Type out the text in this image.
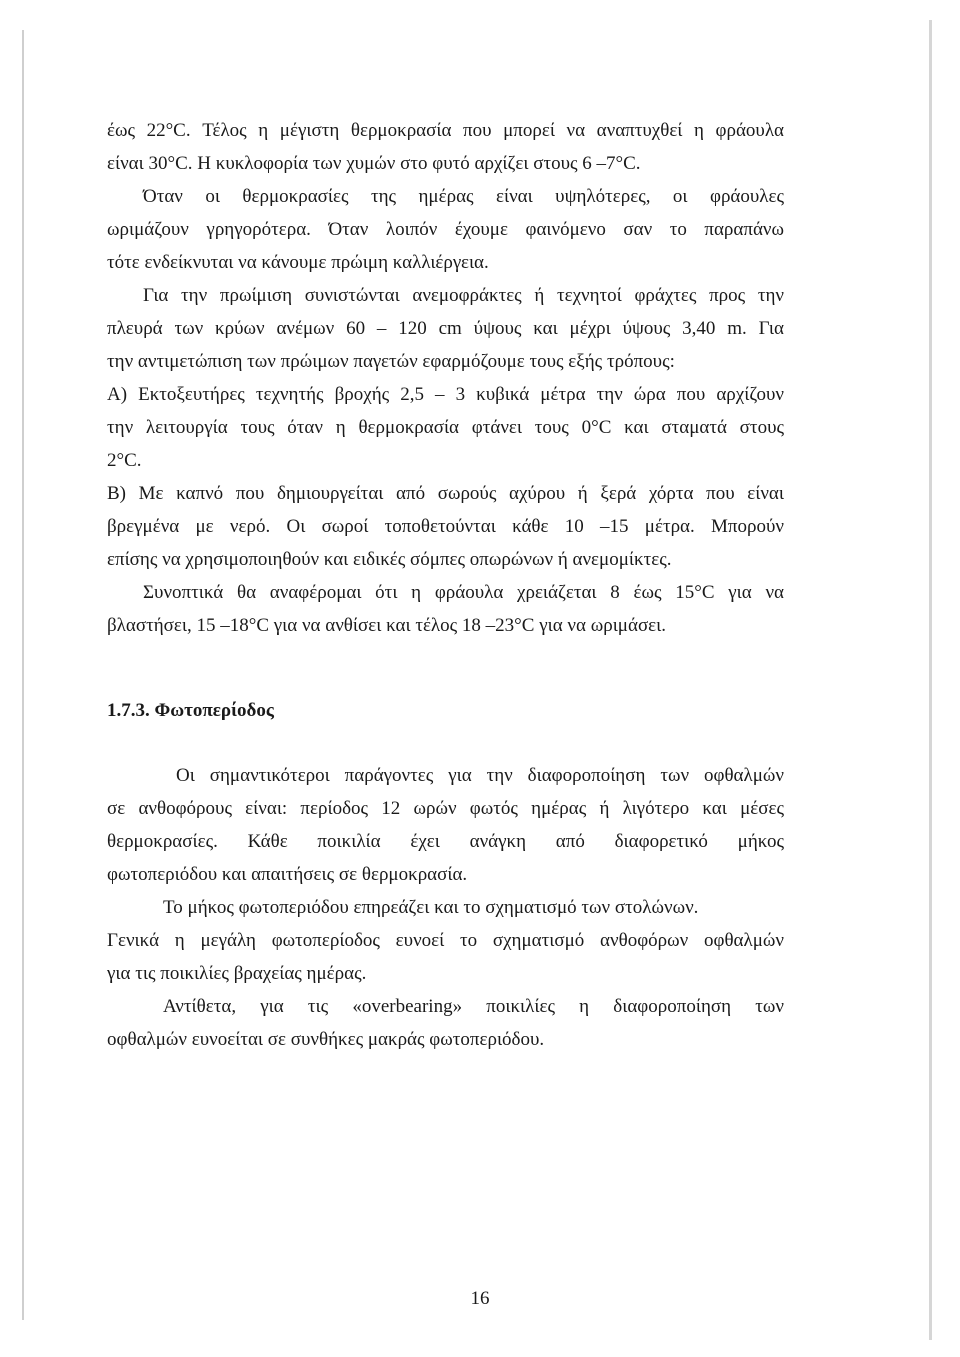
έως 22°C. Τέλος η μέγιστη θερμοκρασία που μπορεί να αναπτυχθεί η φράουλα
είναι 30°C. Η κυκλοφορία των χυμών στο φυτό αρχίζει στους 6 –7°C.
Όταν οι θερμοκρασίες της ημέρας είναι υψηλότερες, οι φράουλες
ωριμάζουν γρηγορότερα. Όταν λοιπόν έχουμε φαινόμενο σαν το παραπάνω
τότε ενδείκνυται να κάνουμε πρώιμη καλλιέργεια.
Για την πρωίμιση συνιστώνται ανεμοφράκτες ή τεχνητοί φράχτες προς την
πλευρά των κρύων ανέμων 60 – 120 cm ύψους και μέχρι ύψους 3,40 m. Για
την αντιμετώπιση των πρώιμων παγετών εφαρμόζουμε τους εξής τρόπους:
Α) Εκτοξευτήρες τεχνητής βροχής 2,5 – 3 κυβικά μέτρα την ώρα που αρχίζουν
την λειτουργία τους όταν η θερμοκρασία φτάνει τους 0°C και σταματά στους
2°C.
Β) Με καπνό που δημιουργείται από σωρούς αχύρου ή ξερά χόρτα που είναι
βρεγμένα με νερό. Οι σωροί τοποθετούνται κάθε 10 –15 μέτρα. Μπορούν
επίσης να χρησιμοποιηθούν και ειδικές σόμπες οπωρώνων ή ανεμομίκτες.
Συνοπτικά θα αναφέρομαι ότι η φράουλα χρειάζεται 8 έως 15°C για να
βλαστήσει, 15 –18°C για να ανθίσει και τέλος 18 –23°C για να ωριμάσει.
1.7.3. Φωτοπερίοδος
Οι σημαντικότεροι παράγοντες για την διαφοροποίηση των οφθαλμών
σε ανθοφόρους είναι: περίοδος 12 ωρών φωτός ημέρας ή λιγότερο και μέσες
θερμοκρασίες. Κάθε ποικιλία έχει ανάγκη από διαφορετικό μήκος
φωτοπεριόδου και απαιτήσεις σε θερμοκρασία.
Το μήκος φωτοπεριόδου επηρεάζει και το σχηματισμό των στολώνων.
Γενικά η μεγάλη φωτοπερίοδος ευνοεί το σχηματισμό ανθοφόρων οφθαλμών
για τις ποικιλίες βραχείας ημέρας.
Αντίθετα, για τις «overbearing» ποικιλίες η διαφοροποίηση των
οφθαλμών ευνοείται σε συνθήκες μακράς φωτοπεριόδου.
16
